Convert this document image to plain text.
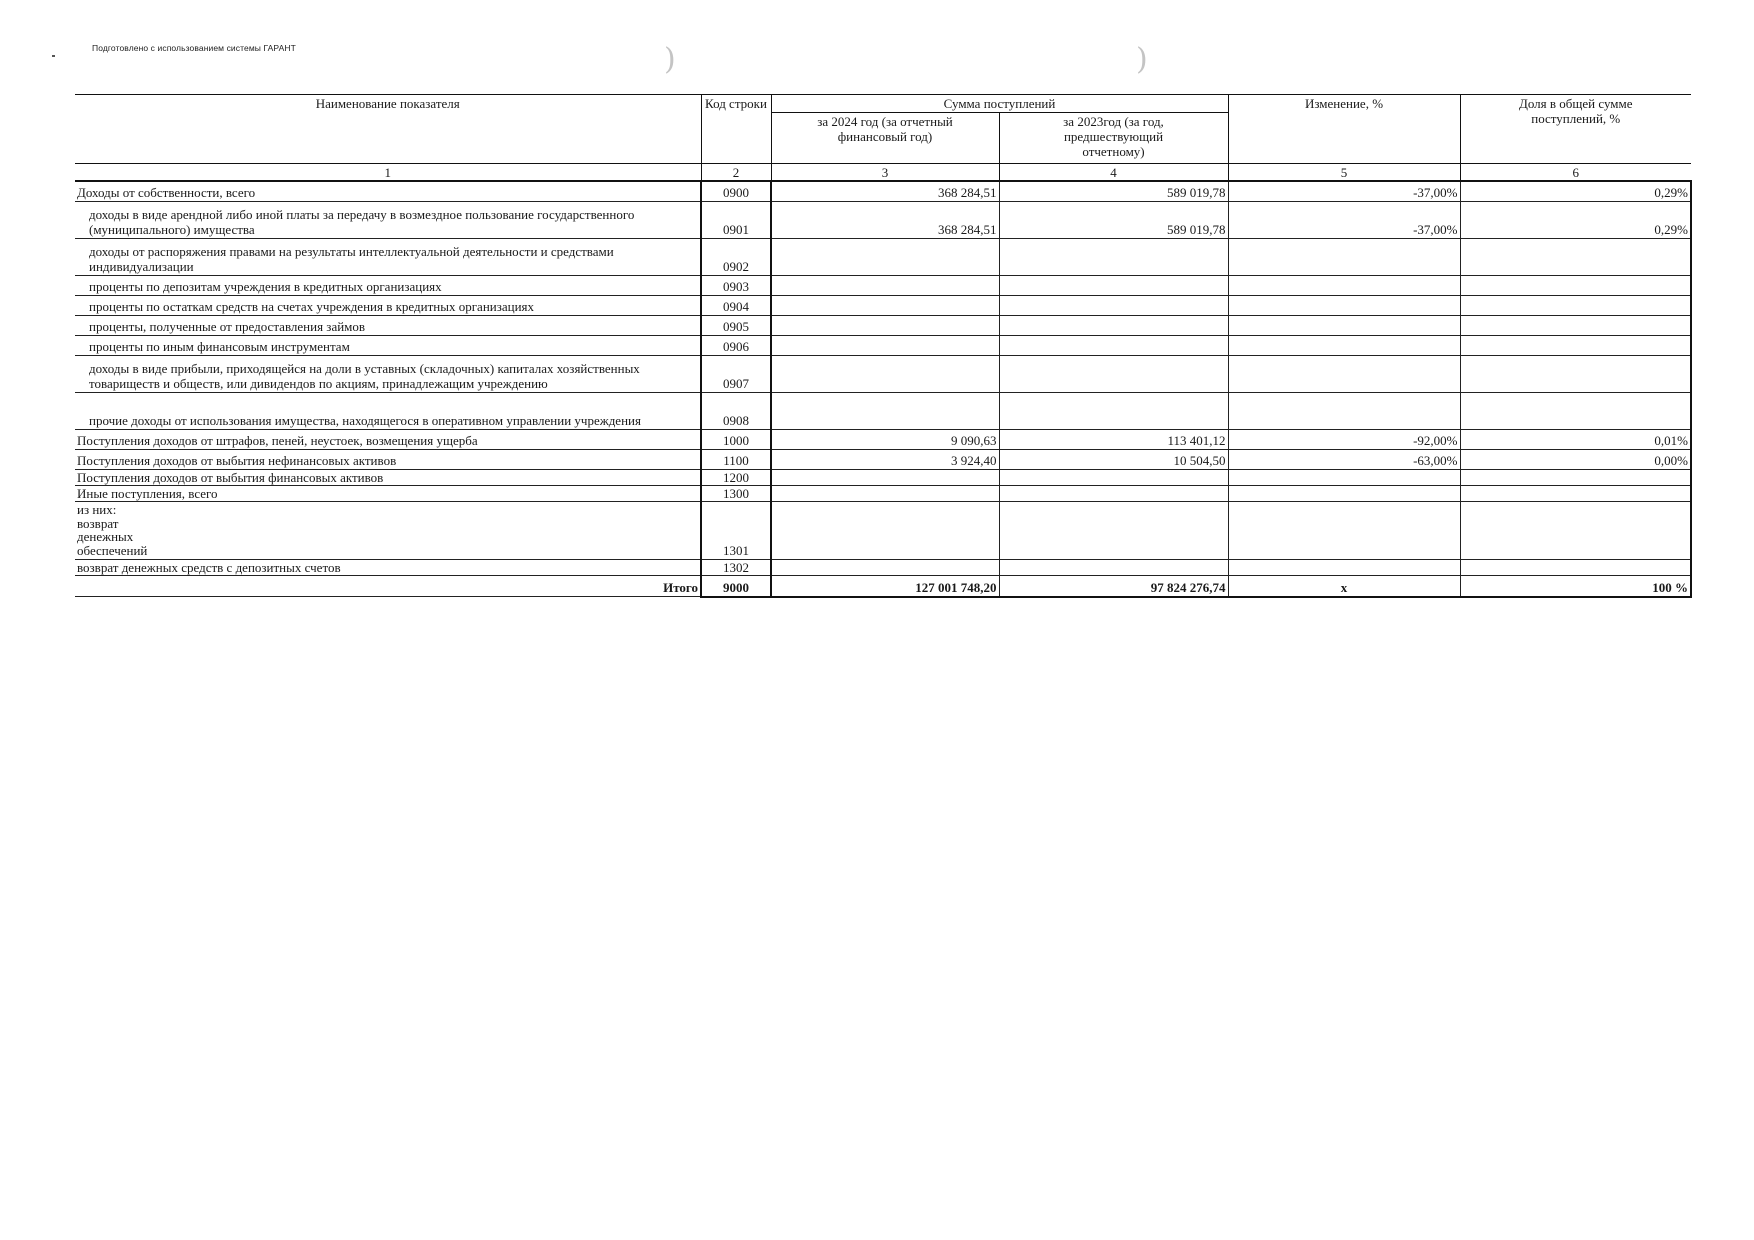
Подготовлено с использованием системы ГАРАНТ	)	)
Наименование показателя	Код строки	Сумма поступлений		Изменение, %	Доля в общей сумме поступлений, %

		за 2024 год (за отчетный финансовый год)	за 2023год (за год, предшествующий отчетному)		

1	2	3	4	5	6
Доходы от собственности, всего	0900	368 284,51	589 019,78	-37,00%	0,29%
доходы в виде арендной либо иной платы за передачу в возмездное пользование государственного (муниципального) имущества	0901	368 284,51	589 019,78	-37,00%	0,29%
доходы от распоряжения правами на результаты интеллектуальной деятельности и средствами индивидуализации	0902				
проценты по депозитам учреждения в кредитных организациях	0903				
проценты по остаткам средств на счетах учреждения в кредитных организациях	0904				
проценты, полученные от предоставления займов	0905				
проценты по иным финансовым инструментам	0906				
доходы в виде прибыли, приходящейся на доли в уставных (складочных) капиталах хозяйственных товариществ и обществ, или дивидендов по акциям, принадлежащим учреждению	0907				
прочие доходы от использования имущества, находящегося в оперативном управлении учреждения	0908				
Поступления доходов от штрафов, пеней, неустоек, возмещения ущерба	1000	9 090,63	113 401,12	-92,00%	0,01%
Поступления доходов от выбытия нефинансовых активов	1100	3 924,40	10 504,50	-63,00%	0,00%
Поступления доходов от выбытия финансовых активов	1200				
Иные поступления, всего	1300				

из них: возврат денежных обеспечений	1301				
возврат денежных средств с депозитных счетов	1302				
Итого	9000	127 001 748,20	97 824 276,74	x	100 %
